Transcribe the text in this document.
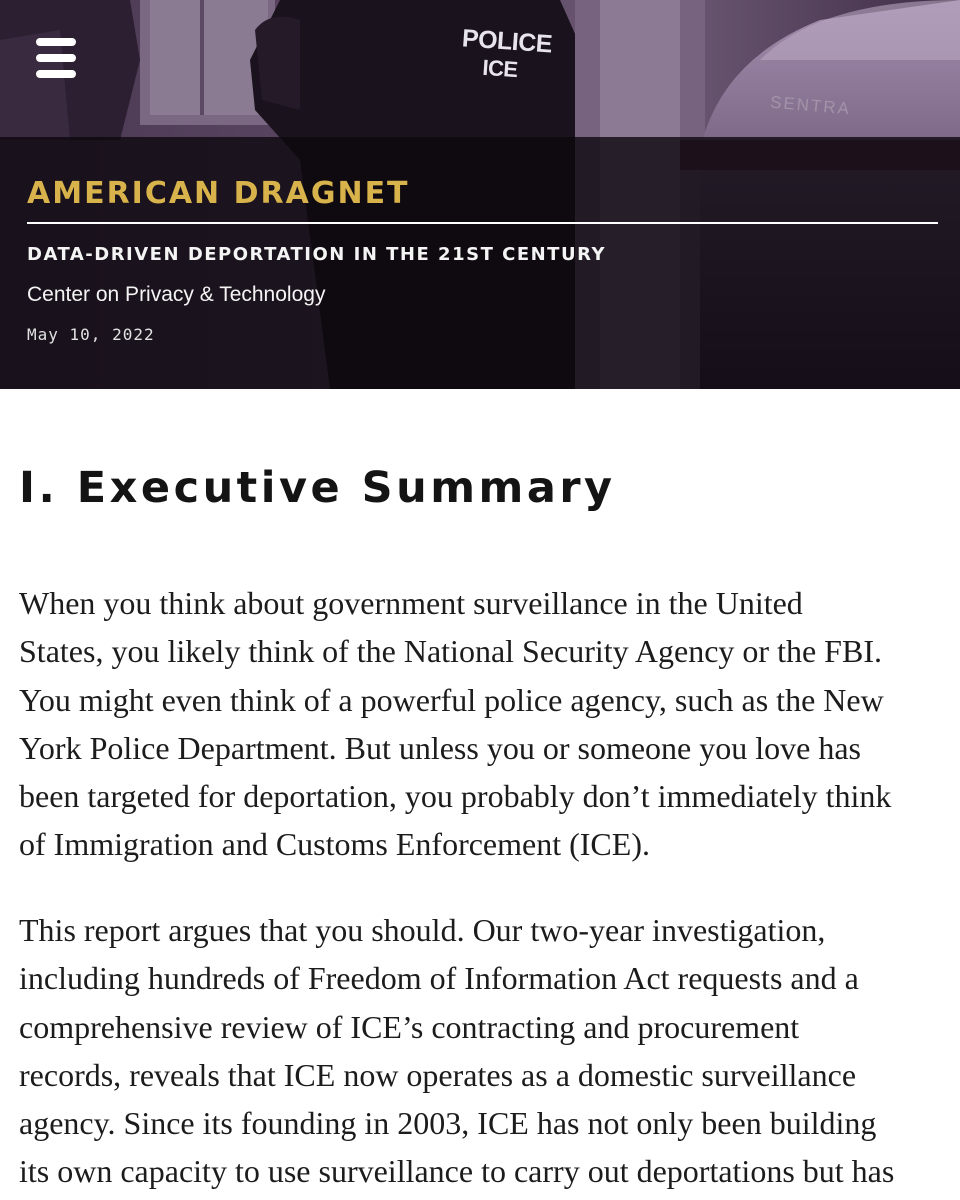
POLICE
ICE
SENTRA
AMERICAN DRAGNET
DATA-DRIVEN DEPORTATION IN THE 21ST CENTURY
Center on Privacy & Technology
May 10, 2022
I. Executive Summary

When you think about government surveillance in the United
States, you likely think of the National Security Agency or the FBI.
You might even think of a powerful police agency, such as the New
York Police Department. But unless you or someone you love has
been targeted for deportation, you probably don’t immediately think
of Immigration and Customs Enforcement (ICE).

This report argues that you should. Our two-year investigation,
including hundreds of Freedom of Information Act requests and a
comprehensive review of ICE’s contracting and procurement
records, reveals that ICE now operates as a domestic surveillance
agency. Since its founding in 2003, ICE has not only been building
its own capacity to use surveillance to carry out deportations but has
